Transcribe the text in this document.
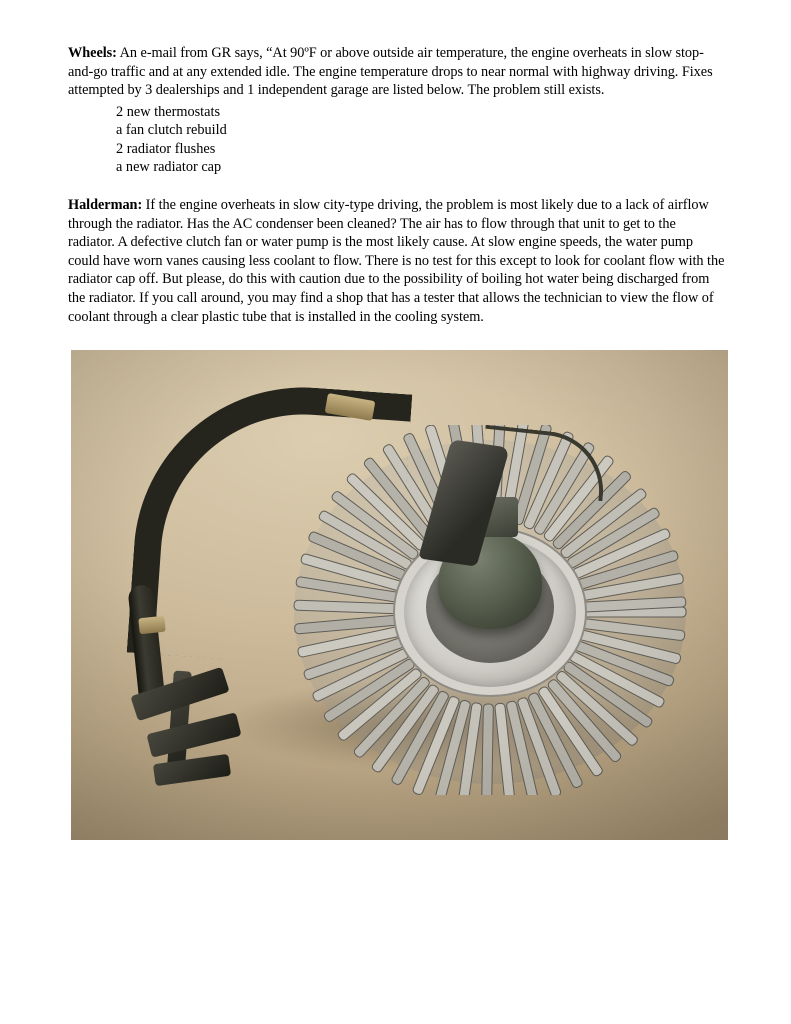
Wheels: An e-mail from GR says, “At 90ºF or above outside air temperature, the engine overheats in slow stop-and-go traffic and at any extended idle. The engine temperature drops to near normal with highway driving. Fixes attempted by 3 dealerships and 1 independent garage are listed below. The problem still exists.

2 new thermostats
a fan clutch rebuild
2 radiator flushes
a new radiator cap

Halderman: If the engine overheats in slow city-type driving, the problem is most likely due to a lack of airflow through the radiator. Has the AC condenser been cleaned? The air has to flow through that unit to get to the radiator. A defective clutch fan or water pump is the most likely cause. At slow engine speeds, the water pump could have worn vanes causing less coolant to flow. There is no test for this except to look for coolant flow with the radiator cap off. But please, do this with caution due to the possibility of boiling hot water being discharged from the radiator. If you call around, you may find a shop that has a tester that allows the technician to view the flow of coolant through a clear plastic tube that is installed in the cooling system.
